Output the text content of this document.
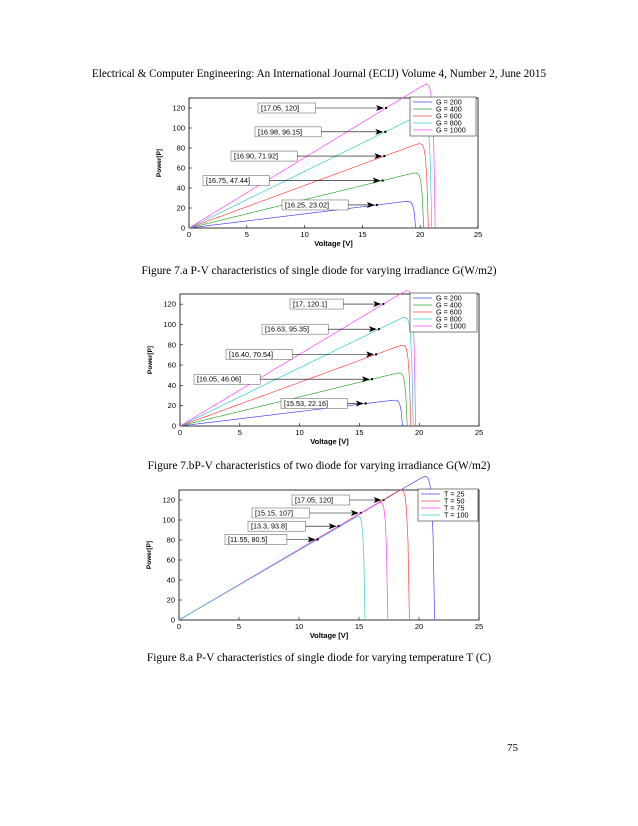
Electrical & Computer Engineering: An International Journal (ECIJ) Volume 4, Number 2, June 2015
0	5	10	15	20	25
0
20
40
60
80
100
120
Voltage [V]
Power[P]
[17.05, 120]
[16.98, 96.15]
[16.90, 71.92]
[16.75, 47.44]
[16.25, 23.02]
G = 200
G = 400
G = 600
G = 800
G = 1000
Figure 7.a P-V characteristics of single diode for varying irradiance G(W/m2)
0	5	10	15	20	25
0
20
40
60
80
100
120
Voltage [V]
Power[P]
[17, 120.1]
[16.63, 95.35]
[16.40, 70.54]
[16.05, 46.06]
[15.53, 22.16]
G = 200
G = 400
G = 600
G = 800
G = 1000
Figure 7.bP-V characteristics of two diode for varying irradiance G(W/m2)
0	5	10	15	20	25
0
20
40
60
80
100
120
Voltage [V]
Power[P]
[17.05, 120]
[15.15, 107]
[13.3, 93.8]
[11.55, 80.5]
T = 25
T = 50
T = 75
T = 100
Figure 8.a P-V characteristics of single diode for varying temperature T (C)
75
